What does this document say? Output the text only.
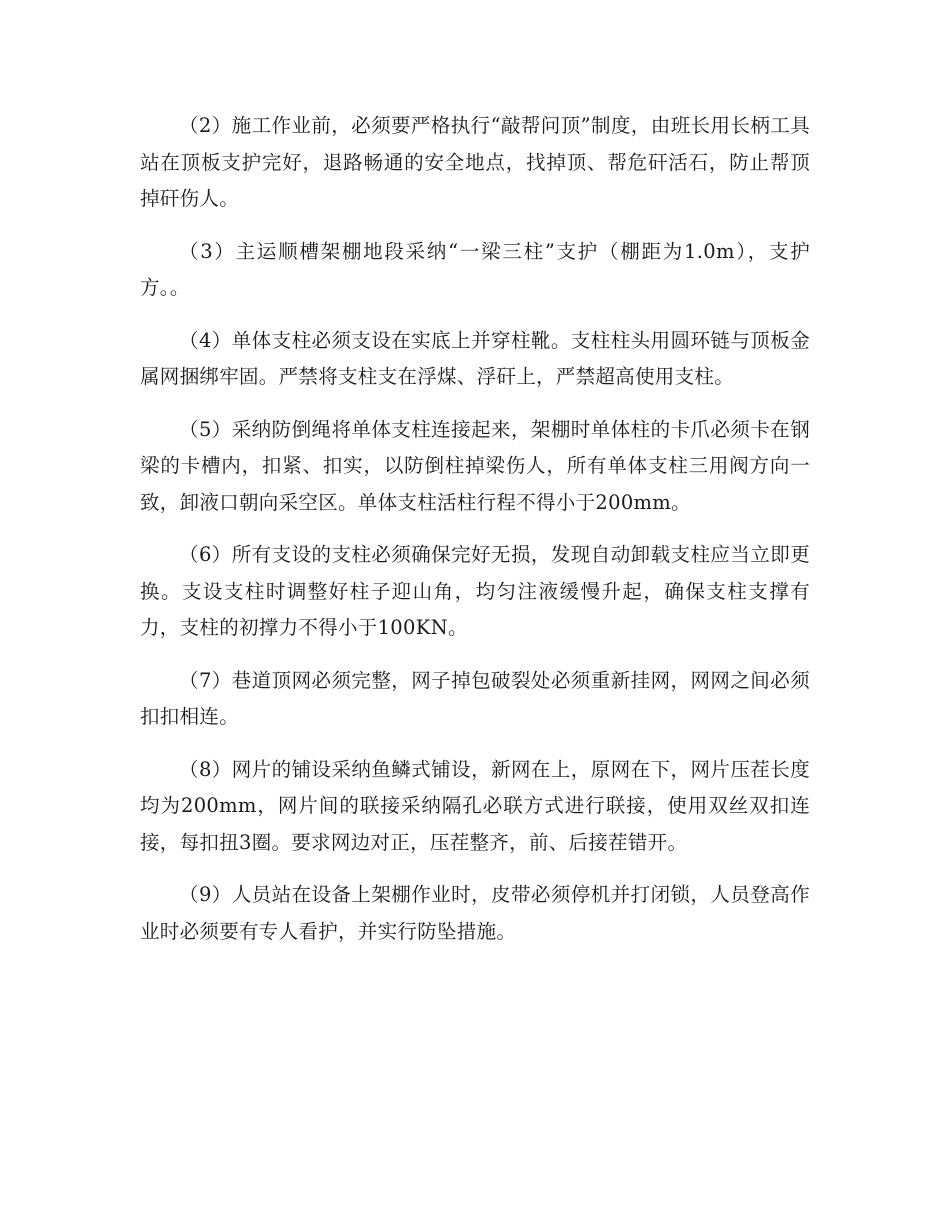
（2）施工作业前，必须要严格执行“敲帮问顶”制度，由班长用长柄工具站在顶板支护完好，退路畅通的安全地点，找掉顶、帮危矸活石，防止帮顶掉矸伤人。

（3）主运顺槽架棚地段采纳“一梁三柱”支护（棚距为1.0m），支护方。。

（4）单体支柱必须支设在实底上并穿柱靴。支柱柱头用圆环链与顶板金属网捆绑牢固。严禁将支柱支在浮煤、浮矸上，严禁超高使用支柱。

（5）采纳防倒绳将单体支柱连接起来，架棚时单体柱的卡爪必须卡在钢梁的卡槽内，扣紧、扣实，以防倒柱掉梁伤人，所有单体支柱三用阀方向一致，卸液口朝向采空区。单体支柱活柱行程不得小于200mm。

（6）所有支设的支柱必须确保完好无损，发现自动卸载支柱应当立即更换。支设支柱时调整好柱子迎山角，均匀注液缓慢升起，确保支柱支撑有力，支柱的初撑力不得小于100KN。

（7）巷道顶网必须完整，网子掉包破裂处必须重新挂网，网网之间必须扣扣相连。

（8）网片的铺设采纳鱼鳞式铺设，新网在上，原网在下，网片压茬长度均为200mm，网片间的联接采纳隔孔必联方式进行联接，使用双丝双扣连接，每扣扭3圈。要求网边对正，压茬整齐，前、后接茬错开。

（9）人员站在设备上架棚作业时，皮带必须停机并打闭锁，人员登高作业时必须要有专人看护，并实行防坠措施。
